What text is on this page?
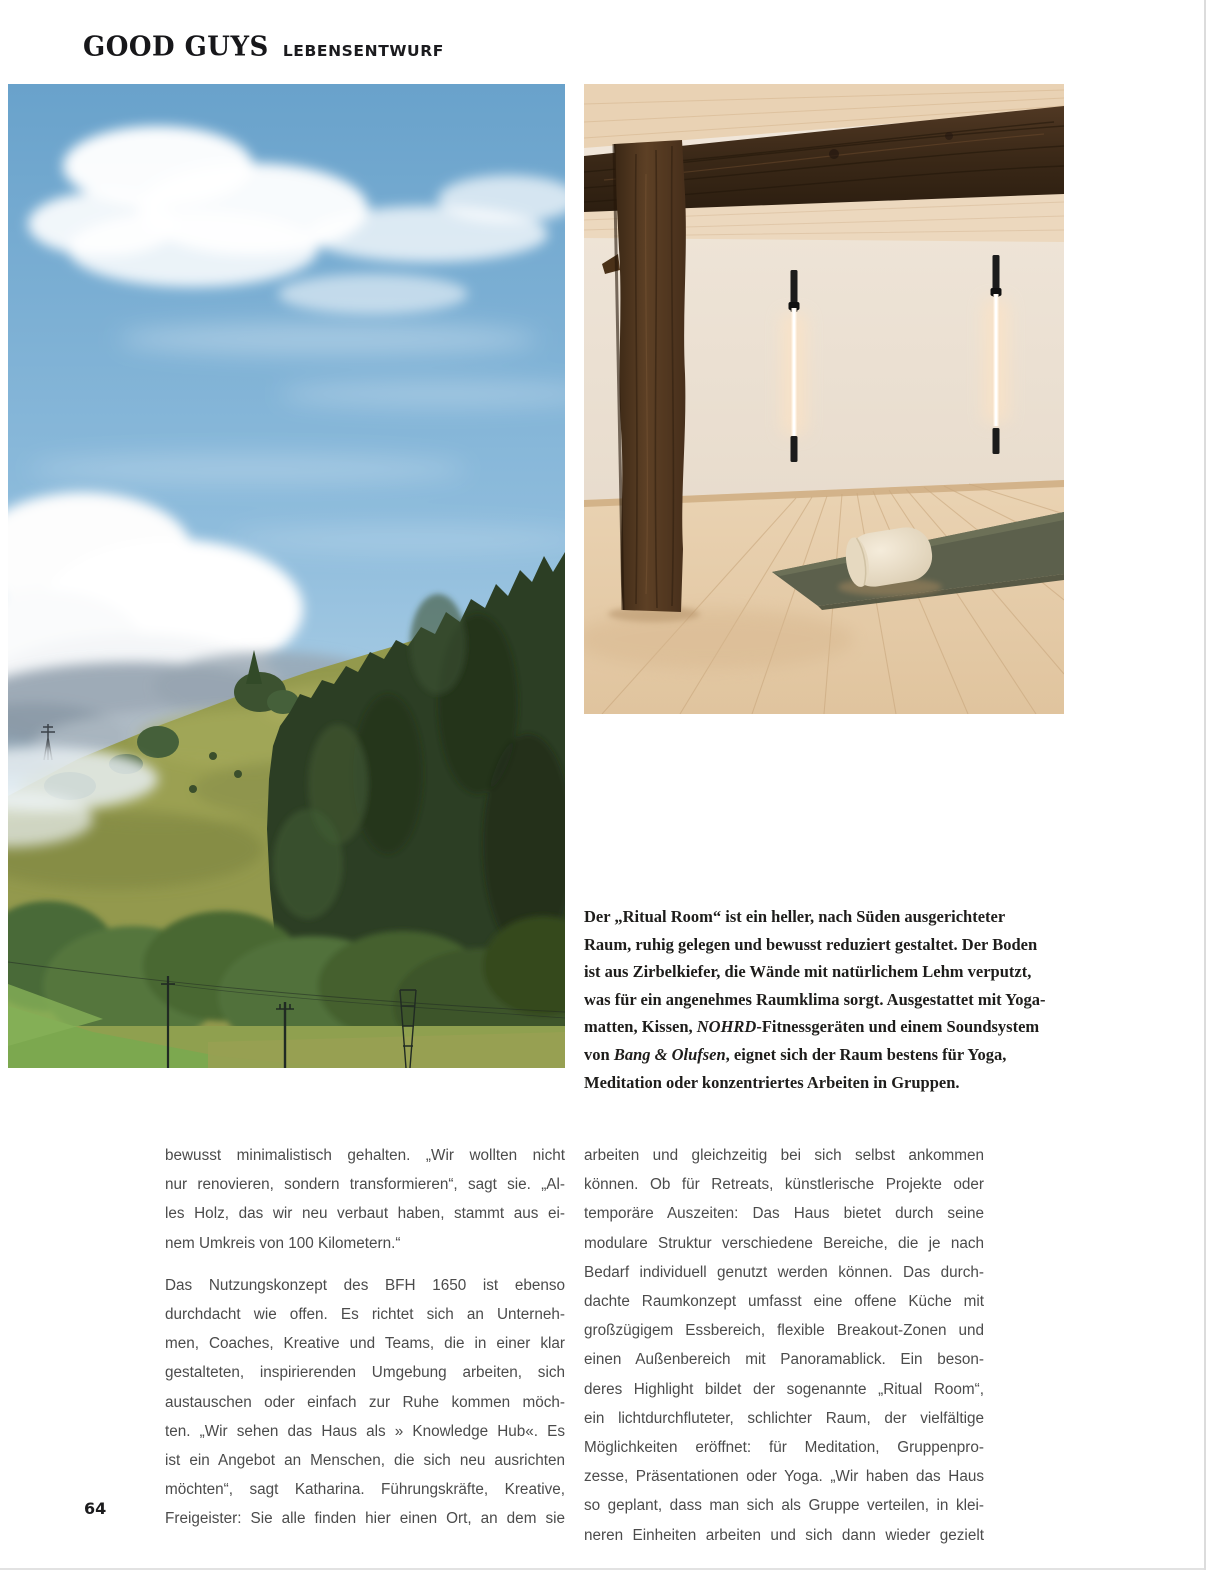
GOOD GUYS LEBENSENTWURF
Der „Ritual Room“ ist ein heller, nach Süden ausgerichteter
Raum, ruhig gelegen und bewusst reduziert gestaltet. Der Boden
ist aus Zirbelkiefer, die Wände mit natürlichem Lehm verputzt,
was für ein angenehmes Raumklima sorgt. Ausgestattet mit Yoga-
matten, Kissen, NOHRD-Fitnessgeräten und einem Soundsystem
von Bang & Olufsen, eignet sich der Raum bestens für Yoga,
Meditation oder konzentriertes Arbeiten in Gruppen.
bewusst minimalistisch gehalten. „Wir wollten nicht
nur renovieren, sondern transformieren“, sagt sie. „Al-
les Holz, das wir neu verbaut haben, stammt aus ei-
nem Umkreis von 100 Kilometern.“
Das Nutzungskonzept des BFH 1650 ist ebenso
durchdacht wie offen. Es richtet sich an Unterneh-
men, Coaches, Kreative und Teams, die in einer klar
gestalteten, inspirierenden Umgebung arbeiten, sich
austauschen oder einfach zur Ruhe kommen möch-
ten. „Wir sehen das Haus als » Knowledge Hub«. Es
ist ein Angebot an Menschen, die sich neu ausrichten
möchten“, sagt Katharina. Führungskräfte, Kreative,
Freigeister: Sie alle finden hier einen Ort, an dem sie
arbeiten und gleichzeitig bei sich selbst ankommen
können. Ob für Retreats, künstlerische Projekte oder
temporäre Auszeiten: Das Haus bietet durch seine
modulare Struktur verschiedene Bereiche, die je nach
Bedarf individuell genutzt werden können. Das durch-
dachte Raumkonzept umfasst eine offene Küche mit
großzügigem Essbereich, flexible Breakout-Zonen und
einen Außenbereich mit Panoramablick. Ein beson-
deres Highlight bildet der sogenannte „Ritual Room“,
ein lichtdurchfluteter, schlichter Raum, der vielfältige
Möglichkeiten eröffnet: für Meditation, Gruppenpro-
zesse, Präsentationen oder Yoga. „Wir haben das Haus
so geplant, dass man sich als Gruppe verteilen, in klei-
neren Einheiten arbeiten und sich dann wieder gezielt
64
